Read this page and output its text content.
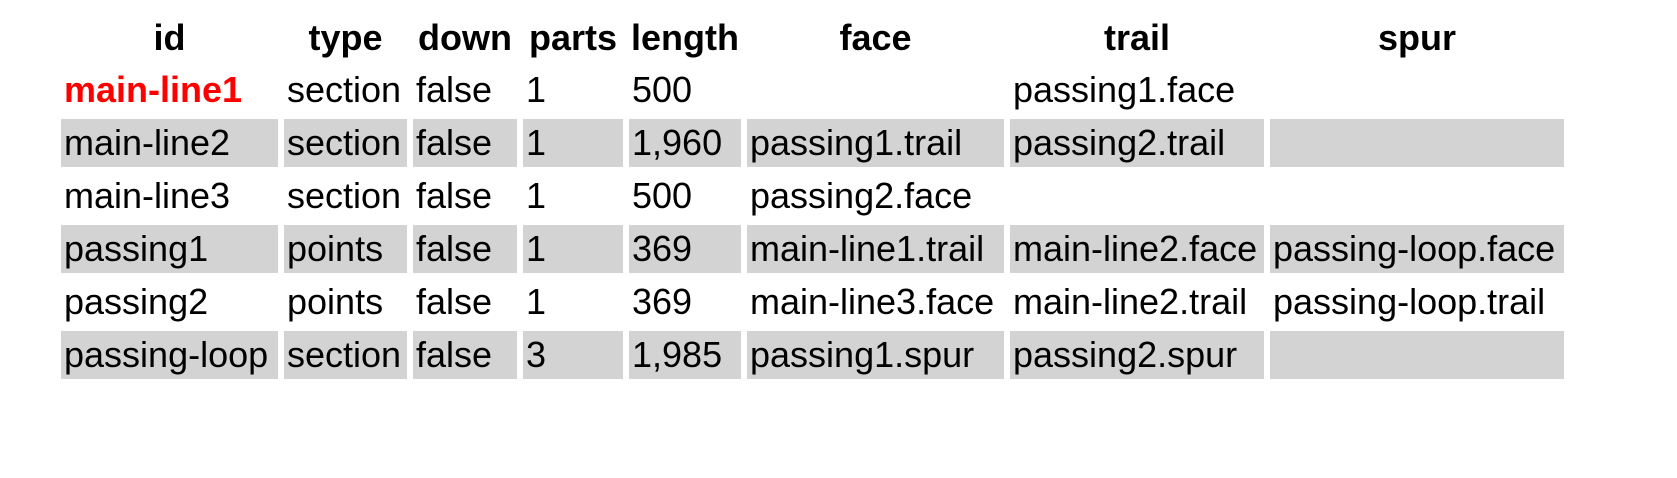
id	type	down	parts	length	face	trail	spur
main-line1	section	false	1	500		passing1.face	
main-line2	section	false	1	1,960	passing1.trail	passing2.trail	
main-line3	section	false	1	500	passing2.face		
passing1	points	false	1	369	main-line1.trail	main-line2.face	passing-loop.face
passing2	points	false	1	369	main-line3.face	main-line2.trail	passing-loop.trail
passing-loop	section	false	3	1,985	passing1.spur	passing2.spur	
